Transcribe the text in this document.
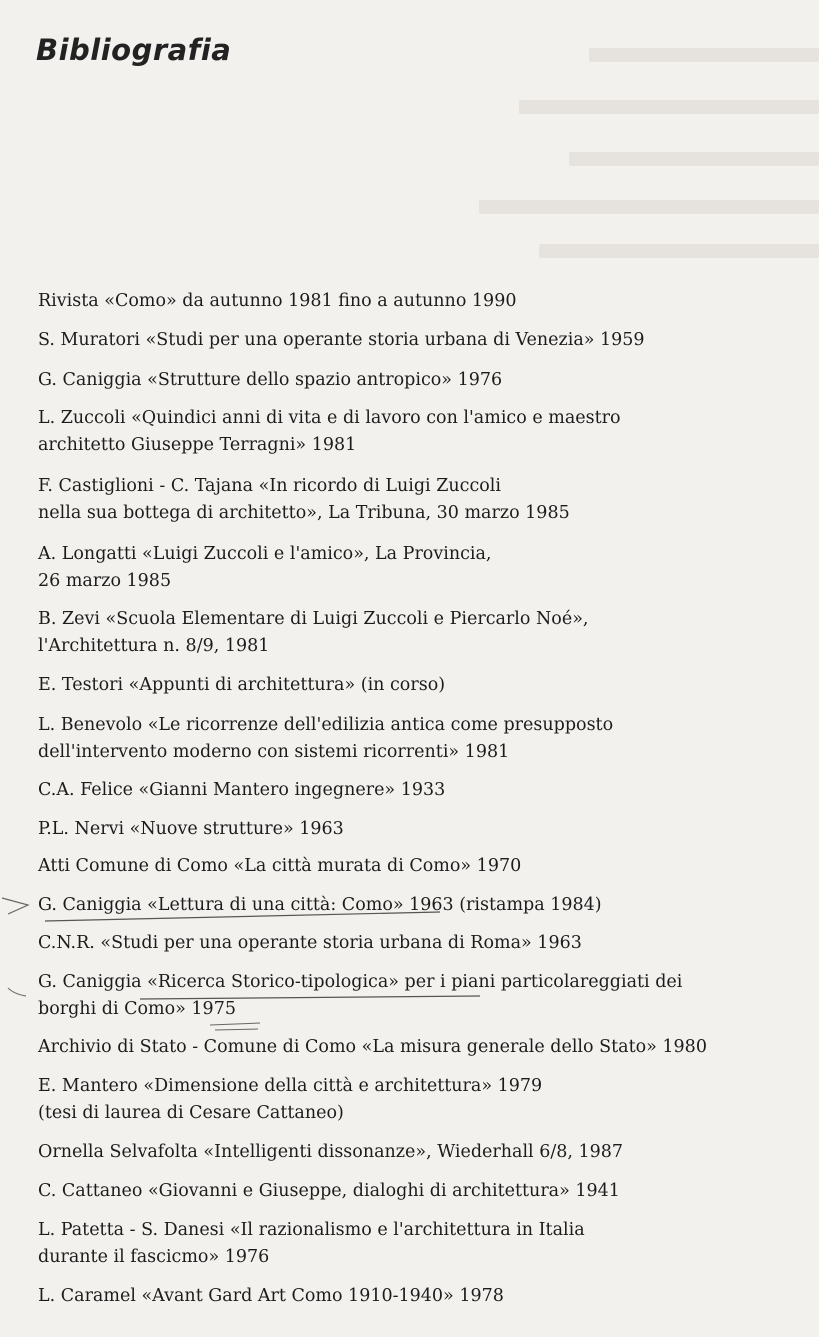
Bibliografia
Rivista «Como» da autunno 1981 fino a autunno 1990
S. Muratori «Studi per una operante storia urbana di Venezia» 1959
G. Caniggia «Strutture dello spazio antropico» 1976
L. Zuccoli «Quindici anni di vita e di lavoro con l'amico e maestro
architetto Giuseppe Terragni» 1981
F. Castiglioni - C. Tajana «In ricordo di Luigi Zuccoli
nella sua bottega di architetto», La Tribuna, 30 marzo 1985
A. Longatti «Luigi Zuccoli e l'amico», La Provincia,
26 marzo 1985
B. Zevi «Scuola Elementare di Luigi Zuccoli e Piercarlo Noé»,
l'Architettura n. 8/9, 1981
E. Testori «Appunti di architettura» (in corso)
L. Benevolo «Le ricorrenze dell'edilizia antica come presupposto
dell'intervento moderno con sistemi ricorrenti» 1981
C.A. Felice «Gianni Mantero ingegnere» 1933
P.L. Nervi «Nuove strutture» 1963
Atti Comune di Como «La città murata di Como» 1970
G. Caniggia «Lettura di una città: Como» 1963 (ristampa 1984)
C.N.R. «Studi per una operante storia urbana di Roma» 1963
G. Caniggia «Ricerca Storico-tipologica» per i piani particolareggiati dei
borghi di Como» 1975
Archivio di Stato - Comune di Como «La misura generale dello Stato» 1980
E. Mantero «Dimensione della città e architettura» 1979
(tesi di laurea di Cesare Cattaneo)
Ornella Selvafolta «Intelligenti dissonanze», Wiederhall 6/8, 1987
C. Cattaneo «Giovanni e Giuseppe, dialoghi di architettura» 1941
L. Patetta - S. Danesi «Il razionalismo e l'architettura in Italia
durante il fascicmo» 1976
L. Caramel «Avant Gard Art Como 1910-1940» 1978
